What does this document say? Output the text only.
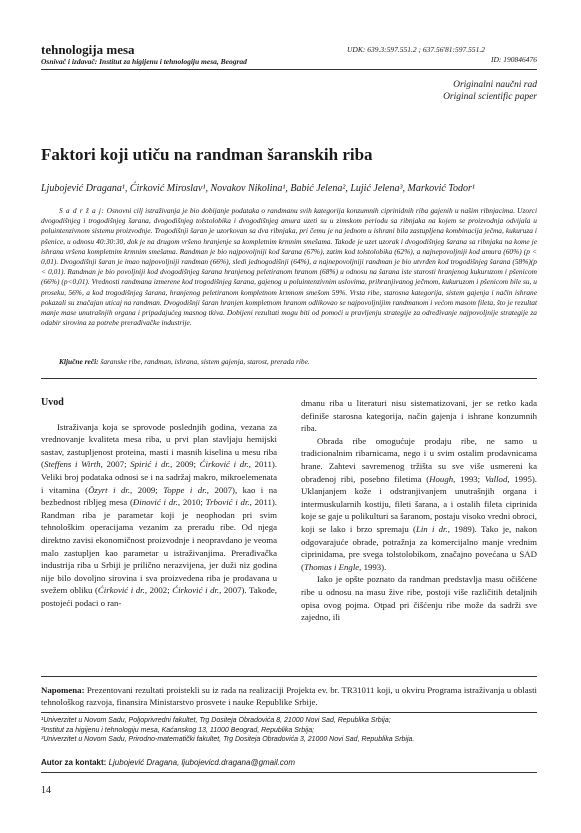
tehnologija mesa
Osnivač i izdavač: Institut za higijenu i tehnologiju mesa, Beograd
UDK: 639.3:597.551.2 ; 637.56'81:597.551.2
ID: 190846476
Originalni naučni rad
Original scientific paper
Faktori koji utiču na randman šaranskih riba
Ljubojević Dragana¹, Ćirković Miroslav¹, Novakov Nikolina¹, Babić Jelena², Lujić Jelena³, Marković Todor¹
S a d r ž a j: Osnovni cilj istraživanja je bio dobijanje podataka o randmanu svih kategorija konzumnih ciprinidnih riba gajenih u našim ribnjacima. Uzorci dvogodišnjeg i trogodišnjeg šarana, dvogodišnjeg tolstolobika i dvogodišnjeg amura uzeti su u zimskom periodu sa ribnjaka na kojem se proizvodnja odvijala u poluintenzivnom sistemu proizvodnje. Trogodišnji šaran je uzorkovan sa dva ribnjaka, pri čemu je na jednom u ishrani bila zastupljena kombinacija ječma, kukuruza i pšenice, u odnosu 40:30:30, dok je na drugom vršeno hranjenje sa kompletnim krmnim smešama. Takođe je uzet uzorak i dvogodišnjeg šarana sa ribnjaka na kome je ishrana vršena kompletnim krmnim smešama. Randman je bio najpovoljniji kod šarana (67%), zatim kod tolstolobika (62%), a najnepovoljniji kod amura (60%) (p < 0,01). Dvogodišnji šaran je imao najpovoljniji randman (66%), sledi jednogodišnji (64%), a najnepovoljniji randman je bio utvrđen kod trogodišnjeg šarana (58%)(p < 0,01). Randman je bio povoljniji kod dvogodišnjeg šarana hranjenog peletiranom hranom (68%) u odnosu na šarana iste starosti hranjenog kukuruzom i pšenicom (66%) (p<0,01). Vrednosti randmana izmerene kod trogodišnjeg šarana, gajenog u poluintenzivnim uslovima, prihranjivanog ječmom, kukuruzom i pšenicom bile su, u proseku, 56%, a kod trogodišnjeg šarana, hranjenog peletiranom kompletnom krmnom smešom 59%. Vrsta ribe, starosna kategorija, sistem gajenja i način ishrane pokazali su značajan uticaj na randman. Dvogodišnji šaran hranjen kompletnom hranom odlikovao se najpovoljnijim randmanom i većom masom fileta, što je rezultat manje mase unutrašnjih organa i pripadajućeg masnog tkiva. Dobijeni rezultati mogu biti od pomoći u pravljenju strategije za određivanje najpovoljnije strategije za odabir sirovina za potrebe prerađivačke industrije.
Ključne reči: šaranske ribe, randman, ishrana, sistem gajenja, starost, prerada ribe.
Uvod

Istraživanja koja se sprovode poslednjih godina, vezana za vrednovanje kvaliteta mesa riba, u prvi plan stavljaju hemijski sastav, zastupljenost proteina, masti i masnih kiselina u mesu riba (Steffens i Wirth, 2007; Spirić i dr., 2009; Ćirković i dr., 2011). Veliki broj podataka odnosi se i na sadržaj makro, mikroelemenata i vitamina (Özyrt i dr., 2009; Toppe i dr., 2007), kao i na bezbednost ribljeg mesa (Đinović i dr., 2010; Trbović i dr., 2011). Randman riba je parametar koji je neophodan pri svim tehnološkim operacijama vezanim za preradu ribe. Od njega direktno zavisi ekonomičnost proizvodnje i neopravdano je veoma malo zastupljen kao parametar u istraživanjima. Prerađivačka industrija riba u Srbiji je prilično nerazvijena, jer duži niz godina nije bilo dovoljno sirovina i sva proizvedena riba je prodavana u svežem obliku (Ćirković i dr., 2002; Ćirković i dr., 2007). Takođe, postojeći podaci o ran-

dmanu riba u literaturi nisu sistematizovani, jer se retko kada definiše starosna kategorija, način gajenja i ishrane konzumnih riba.

Obrada ribe omogućuje prodaju ribe, ne samo u tradicionalnim ribarnicama, nego i u svim ostalim prodavnicama hrane. Zahtevi savremenog tržišta su sve više usmereni ka obrađenoj ribi, posebno filetima (Hough, 1993; Vallod, 1995). Uklanjanjem kože i odstranjivanjem unutrašnjih organa i intermuskularnih kostiju, fileti šarana, a i ostalih fileta ciprinida koje se gaje u polikulturi sa šaranom, postaju visoko vredni obroci, koji se lako i brzo spremaju (Lin i dr., 1989). Tako je, nakon odgovarajuće obrade, potražnja za komercijalno manje vrednim ciprinidama, pre svega tolstolobikom, značajno povećana u SAD (Thomas i Engle, 1993).

Iako je opšte poznato da randman predstavlja masu očišćene ribe u odnosu na masu žive ribe, postoji više različitih detaljnih opisa ovog pojma. Otpad pri čišćenju ribe može da sadrži sve zajedno, ili

Napomena: Prezentovani rezultati proistekli su iz rada na realizaciji Projekta ev. br. TR31011 koji, u okviru Programa istraživanja u oblasti tehnološkog razvoja, finansira Ministarstvo prosvete i nauke Republike Srbije.
¹Univerzitet u Novom Sadu, Poljoprivredni fakultet, Trg Dositeja Obradovića 8, 21000 Novi Sad, Republika Srbija;
²Institut za higijenu i tehnologiju mesa, Kaćanskog 13, 11000 Beograd, Republika Srbija;
³Univerzitet u Novom Sadu, Prirodno-matematički fakultet, Trg Dositeja Obradovića 3, 21000 Novi Sad, Republika Srbija.
Autor za kontakt: Ljubojević Dragana, ljubojevicd.dragana@gmail.com
14
